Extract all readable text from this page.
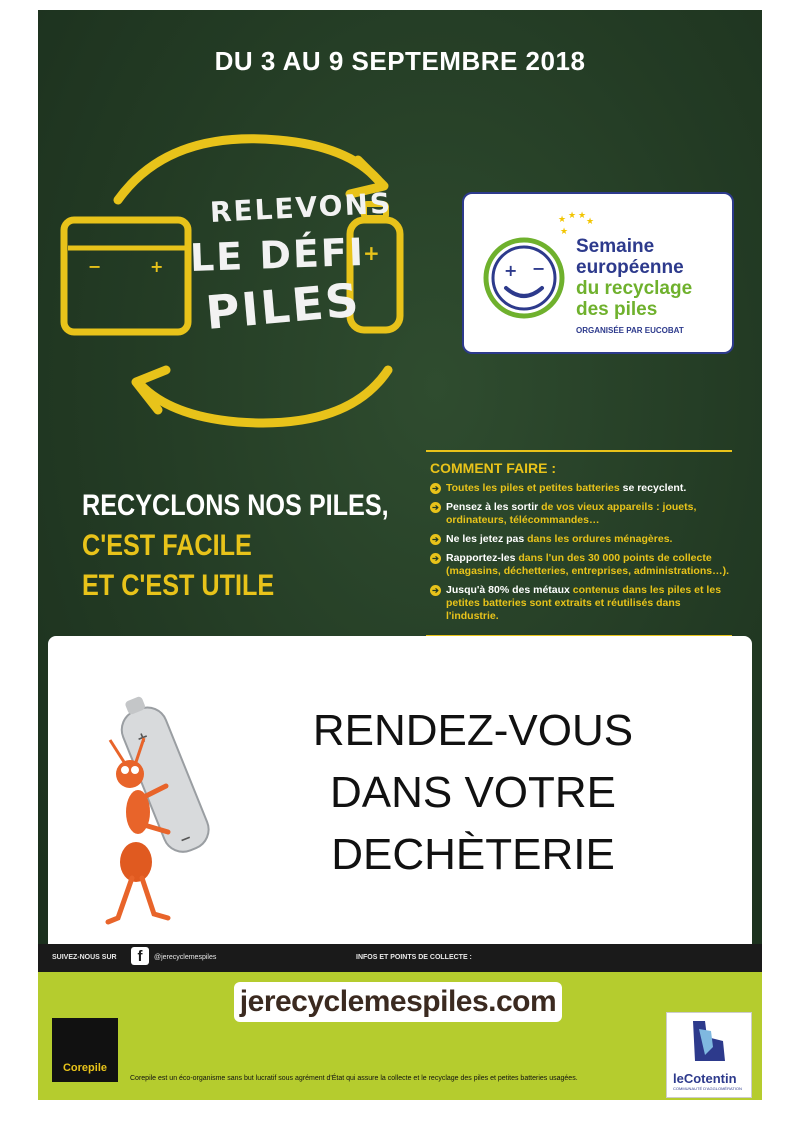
DU 3 AU 9 SEPTEMBRE 2018
−	+
+
RELEVONS
LE DÉFI
PILES
+ −
★ ★ ★
★
★
Semaine
européenne
du recyclage
des piles
ORGANISÉE PAR EUCOBAT
RECYCLONS NOS PILES,
C'EST FACILE
ET C'EST UTILE
COMMENT FAIRE :
➔ Toutes les piles et petites batteries se recyclent.
➔ Pensez à les sortir de vos vieux appareils : jouets, ordinateurs, télécommandes…
➔ Ne les jetez pas dans les ordures ménagères.
➔ Rapportez-les dans l'un des 30 000 points de collecte (magasins, déchetteries, entreprises, administrations…).
➔ Jusqu'à 80% des métaux contenus dans les piles et les petites batteries sont extraits et réutilisés dans l'industrie.
−
RENDEZ-VOUS
DANS VOTRE
DECHÈTERIE
SUIVEZ-NOUS SUR	f	@jerecyclemespiles	INFOS ET POINTS DE COLLECTE :
jerecyclemespiles.com
Corepile
Corepile est un éco-organisme sans but lucratif sous agrément d'État qui assure la collecte et le recyclage des piles et petites batteries usagées.	leCotentin
COMMUNAUTÉ D'AGGLOMÉRATION
